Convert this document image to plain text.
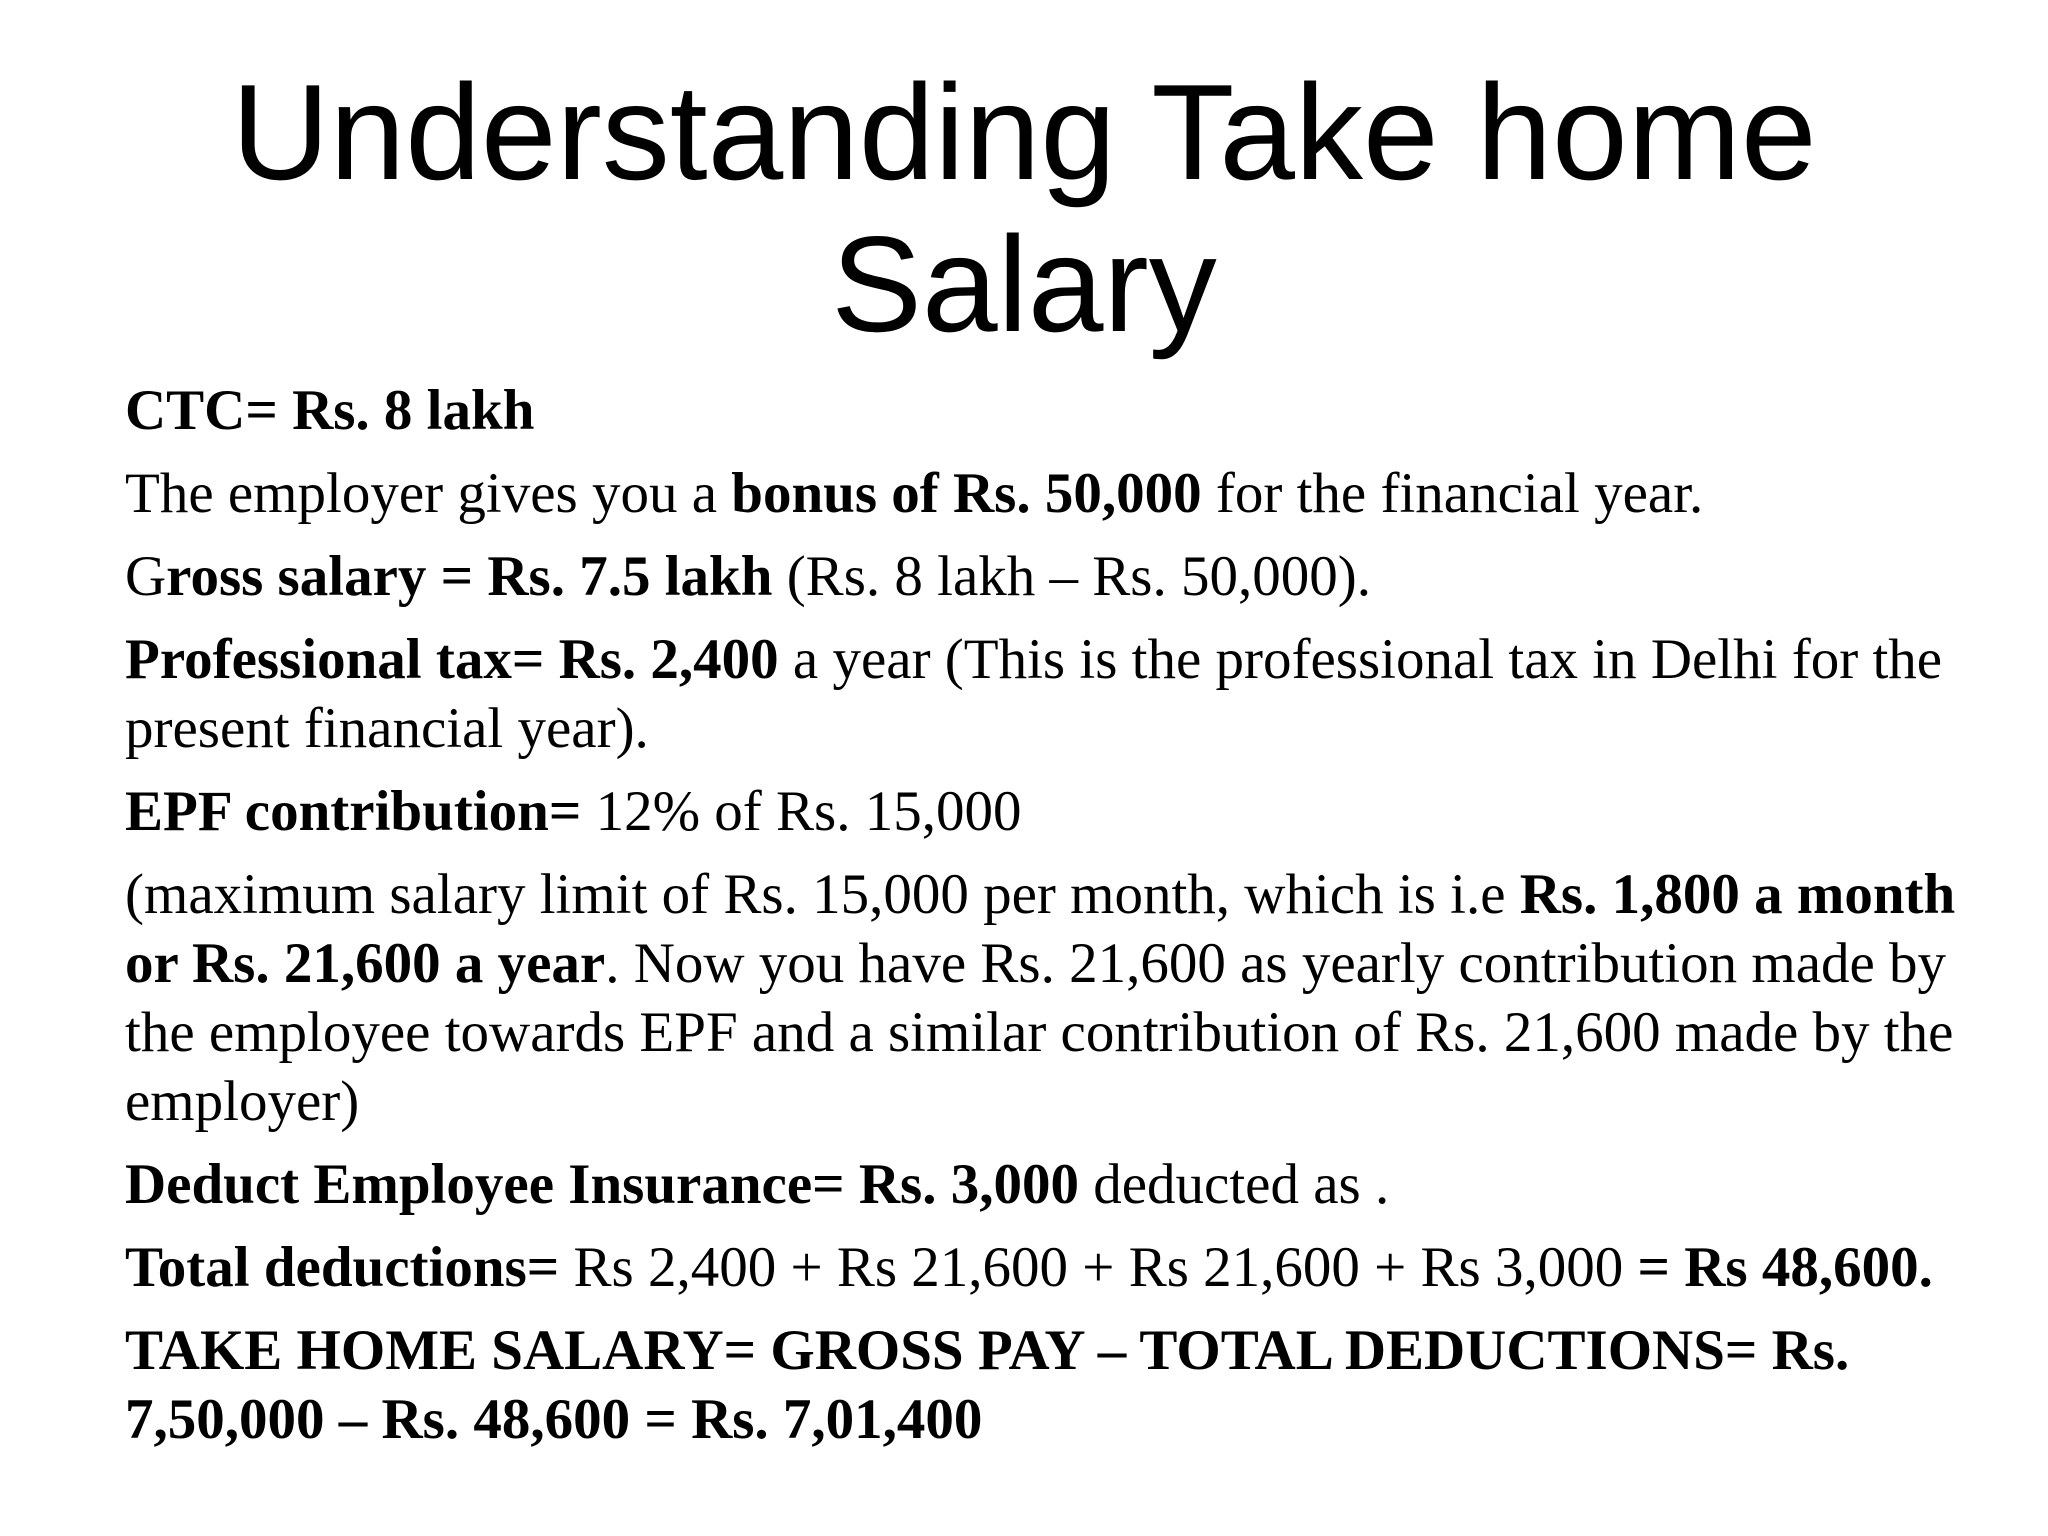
Understanding Take home
Salary

CTC= Rs. 8 lakh

The employer gives you a bonus of Rs. 50,000 for the financial year.

Gross salary = Rs. 7.5 lakh (Rs. 8 lakh – Rs. 50,000).

Professional tax= Rs. 2,400 a year (This is the professional tax in Delhi for the present financial year).

EPF contribution= 12% of Rs. 15,000

(maximum salary limit of Rs. 15,000 per month, which is i.e Rs. 1,800 a month or Rs. 21,600 a year. Now you have Rs. 21,600 as yearly contribution made by the employee towards EPF and a similar contribution of Rs. 21,600 made by the employer)

Deduct Employee Insurance= Rs. 3,000 deducted as .

Total deductions= Rs 2,400 + Rs 21,600 + Rs 21,600 + Rs 3,000 = Rs 48,600.

TAKE HOME SALARY= GROSS PAY – TOTAL DEDUCTIONS= Rs. 7,50,000 – Rs. 48,600 = Rs. 7,01,400
